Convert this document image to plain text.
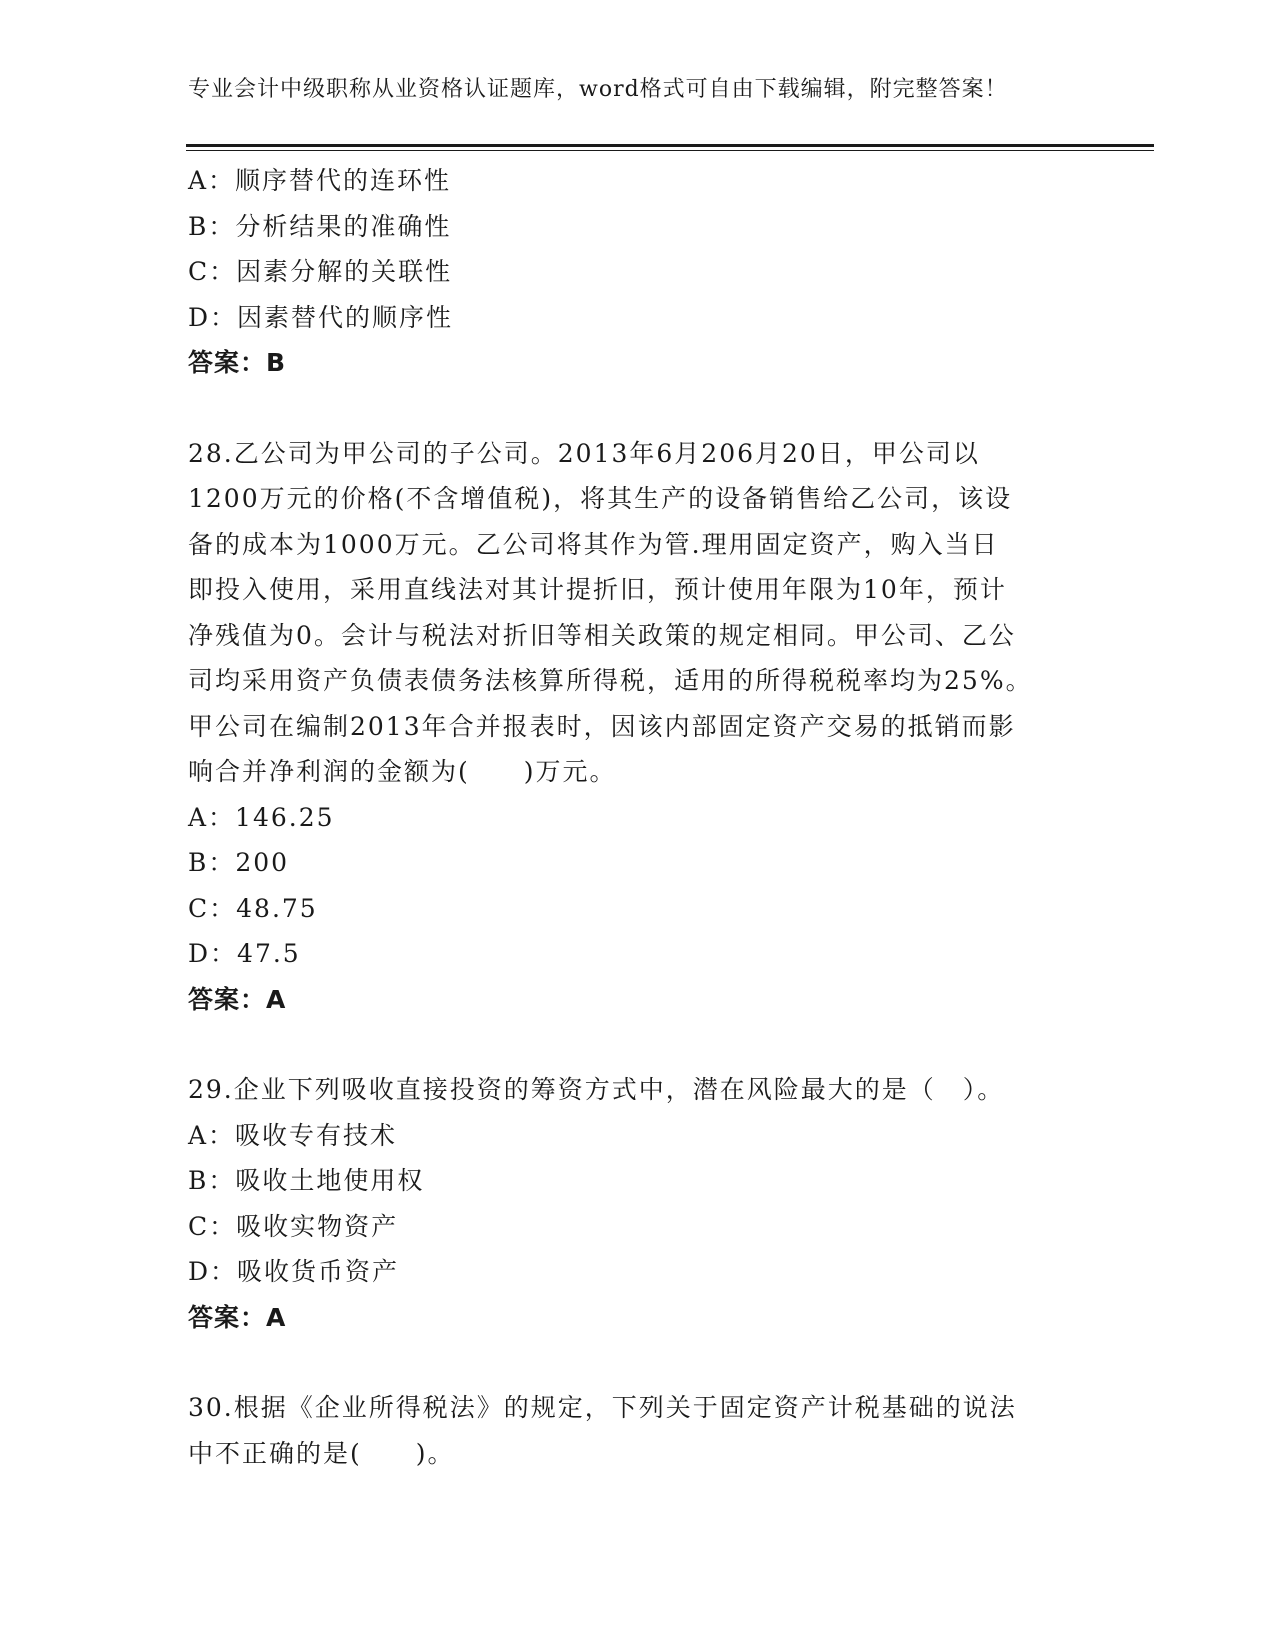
专业会计中级职称从业资格认证题库，word格式可自由下载编辑，附完整答案！
A：顺序替代的连环性
B：分析结果的准确性
C：因素分解的关联性
D：因素替代的顺序性
答案：B
28.乙公司为甲公司的子公司。2013年6月206月20日，甲公司以
1200万元的价格(不含增值税)，将其生产的设备销售给乙公司，该设
备的成本为1000万元。乙公司将其作为管.理用固定资产，购入当日
即投入使用，采用直线法对其计提折旧，预计使用年限为10年，预计
净残值为0。会计与税法对折旧等相关政策的规定相同。甲公司、乙公
司均采用资产负债表债务法核算所得税，适用的所得税税率均为25%。
甲公司在编制2013年合并报表时，因该内部固定资产交易的抵销而影
响合并净利润的金额为(　　)万元。
A：146.25
B：200
C：48.75
D：47.5
答案：A
29.企业下列吸收直接投资的筹资方式中，潜在风险最大的是（　）。
A：吸收专有技术
B：吸收土地使用权
C：吸收实物资产
D：吸收货币资产
答案：A
30.根据《企业所得税法》的规定，下列关于固定资产计税基础的说法
中不正确的是(　　)。
